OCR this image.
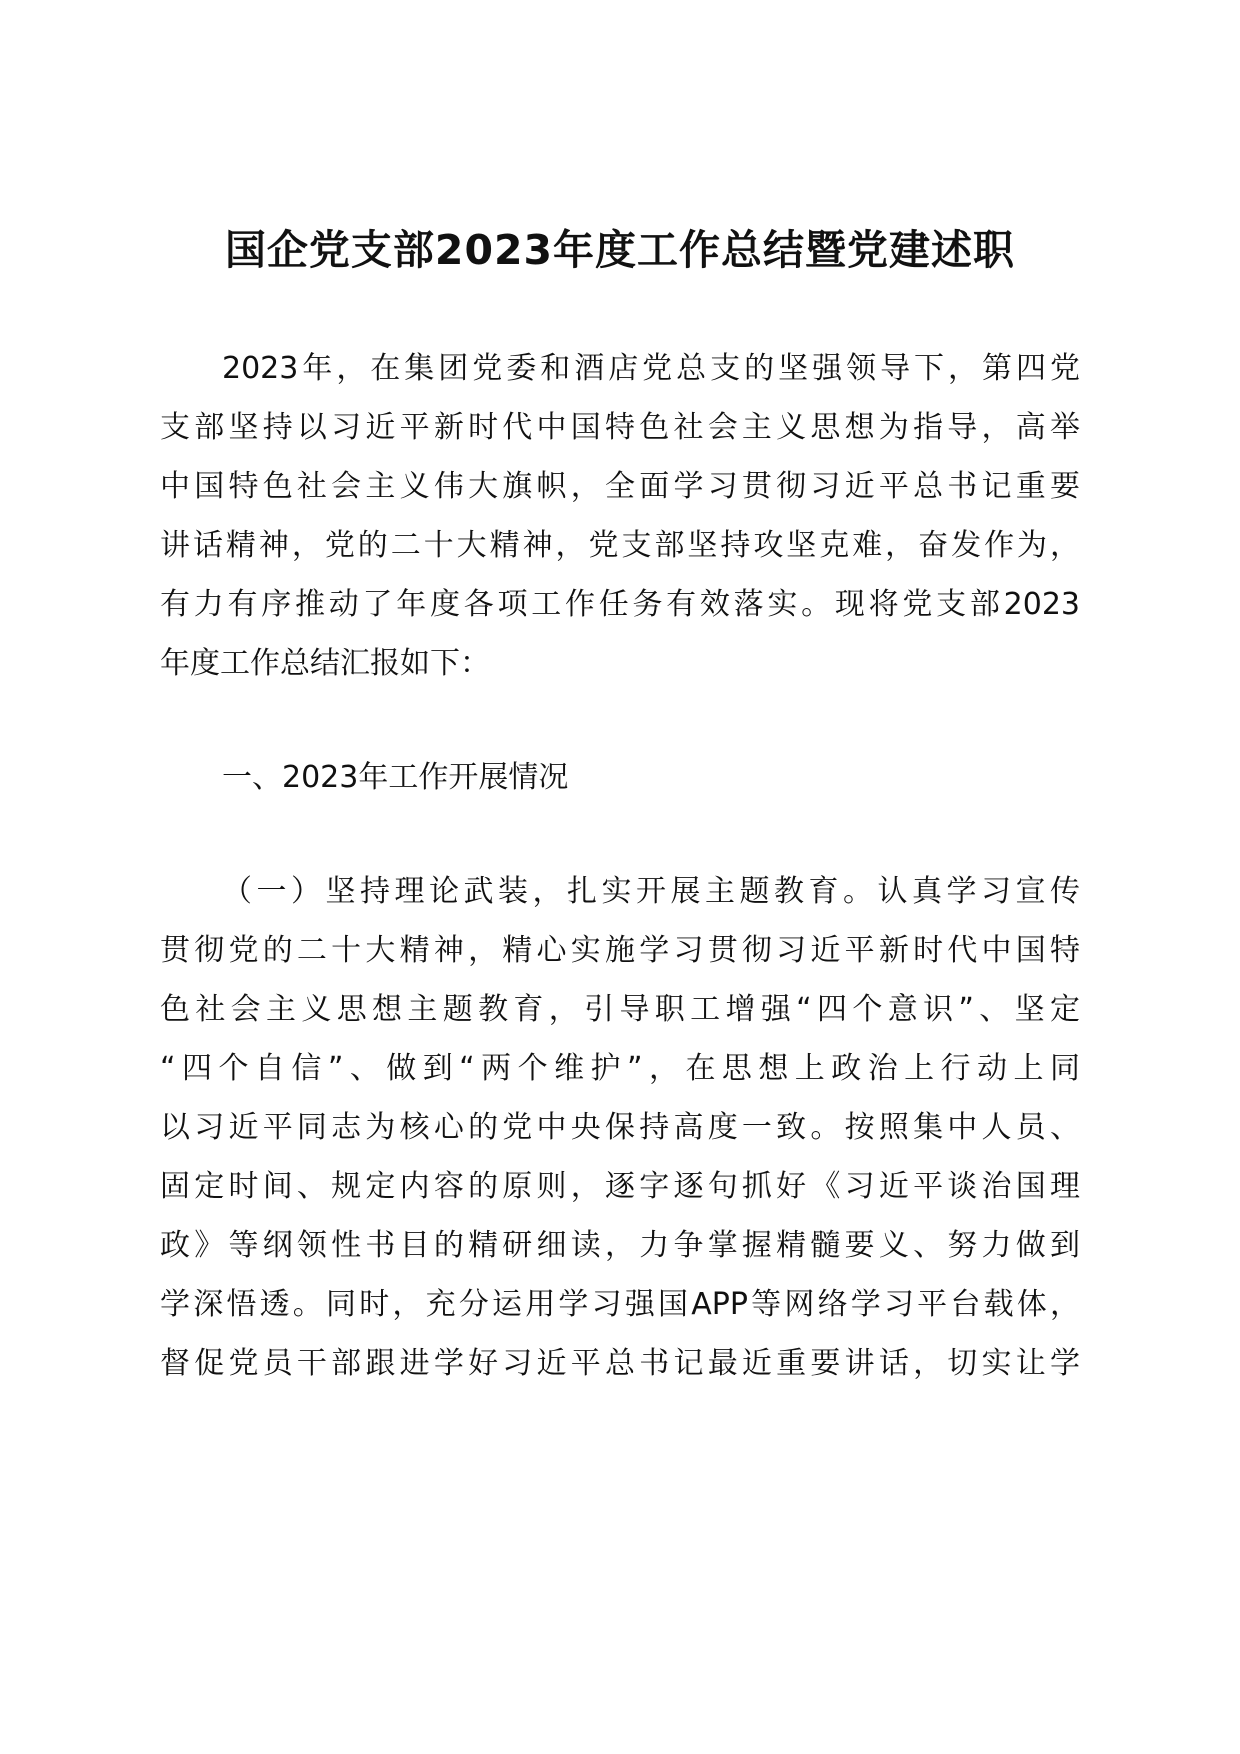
国企党支部2023年度工作总结暨党建述职
2023年，在集团党委和酒店党总支的坚强领导下，第四党
支部坚持以习近平新时代中国特色社会主义思想为指导，高举
中国特色社会主义伟大旗帜，全面学习贯彻习近平总书记重要
讲话精神，党的二十大精神，党支部坚持攻坚克难，奋发作为，
有力有序推动了年度各项工作任务有效落实。现将党支部2023
年度工作总结汇报如下：
一、2023年工作开展情况
（一）坚持理论武装，扎实开展主题教育。认真学习宣传
贯彻党的二十大精神，精心实施学习贯彻习近平新时代中国特
色社会主义思想主题教育，引导职工增强“四个意识”、坚定
“四个自信”、做到“两个维护”，在思想上政治上行动上同
以习近平同志为核心的党中央保持高度一致。按照集中人员、
固定时间、规定内容的原则，逐字逐句抓好《习近平谈治国理
政》等纲领性书目的精研细读，力争掌握精髓要义、努力做到
学深悟透。同时，充分运用学习强国APP等网络学习平台载体，
督促党员干部跟进学好习近平总书记最近重要讲话，切实让学
